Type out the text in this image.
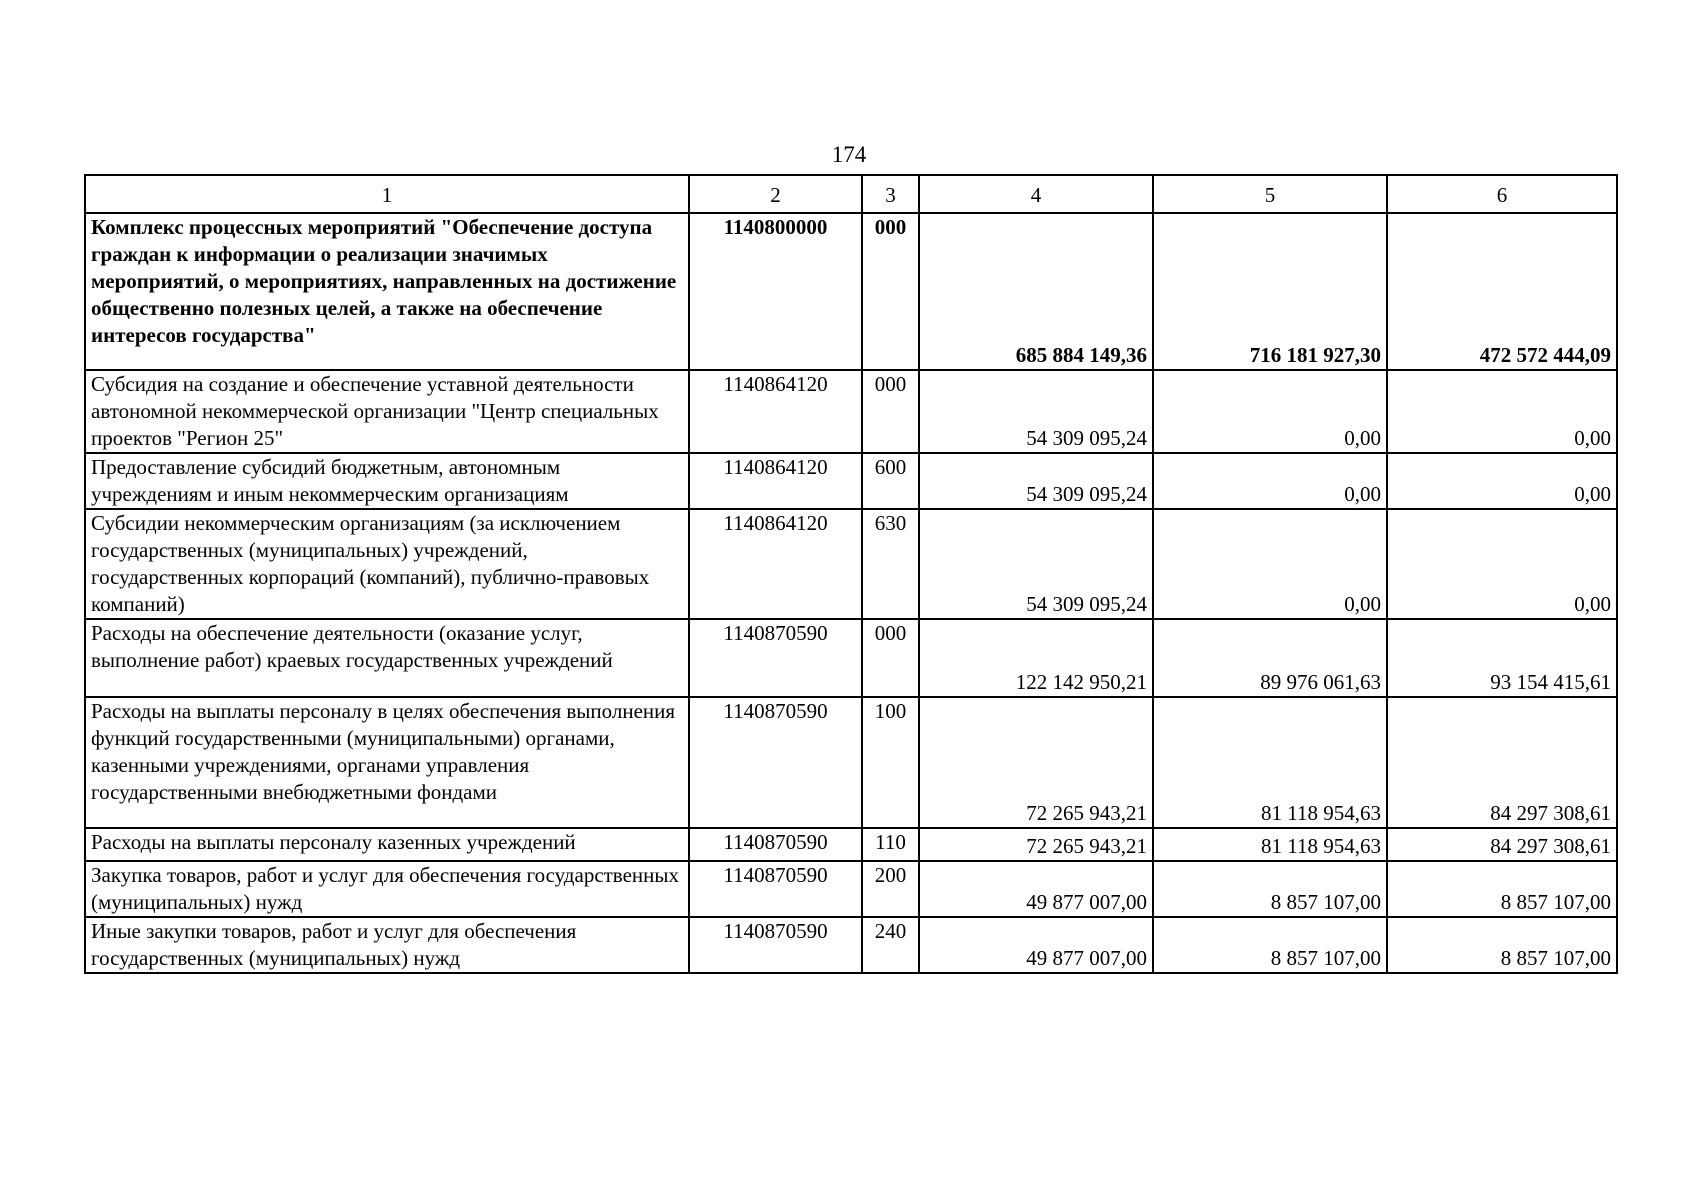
174
1	2	3	4	5	6
Комплекс процессных мероприятий "Обеспечение доступа граждан к информации о реализации значимых мероприятий, о мероприятиях, направленных на достижение общественно полезных целей, а также на обеспечение интересов государства"	1140800000	000	685 884 149,36	716 181 927,30	472 572 444,09
Субсидия на создание и обеспечение уставной деятельности автономной некоммерческой организации "Центр специальных проектов "Регион 25"	1140864120	000	54 309 095,24	0,00	0,00
Предоставление субсидий бюджетным, автономным учреждениям и иным некоммерческим организациям	1140864120	600	54 309 095,24	0,00	0,00
Субсидии некоммерческим организациям (за исключением государственных (муниципальных) учреждений, государственных корпораций (компаний), публично-правовых компаний)	1140864120	630	54 309 095,24	0,00	0,00
Расходы на обеспечение деятельности (оказание услуг, выполнение работ) краевых государственных учреждений	1140870590	000	122 142 950,21	89 976 061,63	93 154 415,61
Расходы на выплаты персоналу в целях обеспечения выполнения функций государственными (муниципальными) органами, казенными учреждениями, органами управления государственными внебюджетными фондами	1140870590	100	72 265 943,21	81 118 954,63	84 297 308,61
Расходы на выплаты персоналу казенных учреждений	1140870590	110	72 265 943,21	81 118 954,63	84 297 308,61
Закупка товаров, работ и услуг для обеспечения государственных (муниципальных) нужд	1140870590	200	49 877 007,00	8 857 107,00	8 857 107,00
Иные закупки товаров, работ и услуг для обеспечения государственных (муниципальных) нужд	1140870590	240	49 877 007,00	8 857 107,00	8 857 107,00
